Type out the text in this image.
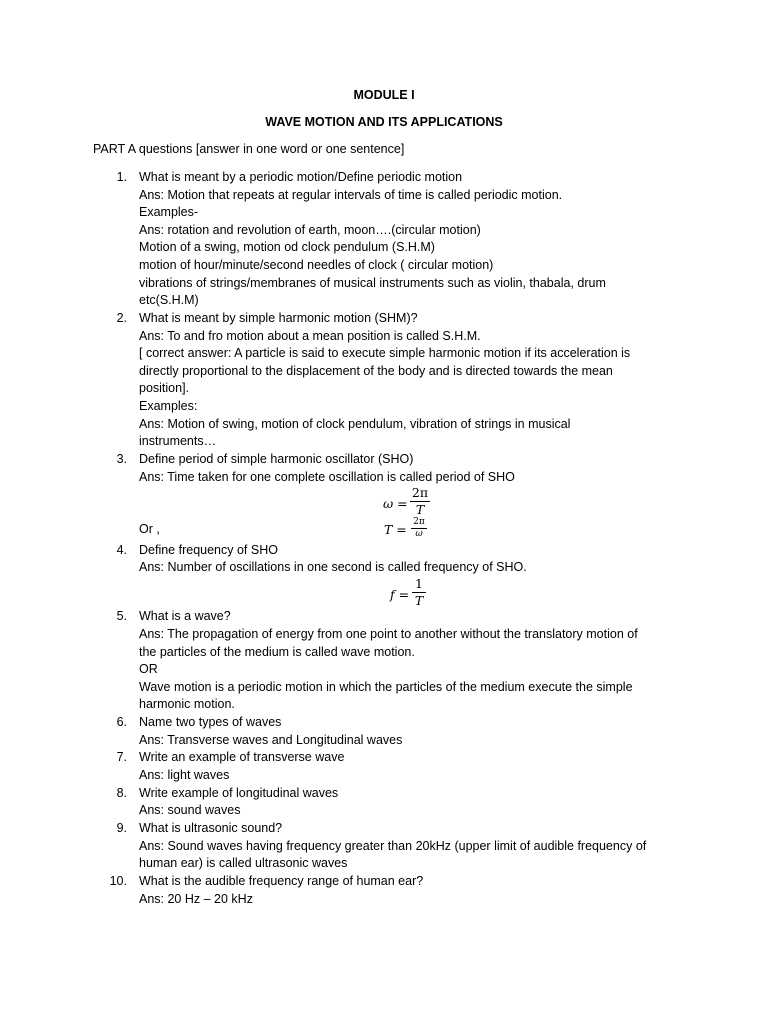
MODULE I
WAVE MOTION AND ITS APPLICATIONS
PART A questions [answer in one word or one sentence]
1. What is meant by a periodic motion/Define periodic motion
Ans: Motion that repeats at regular intervals of time is called periodic motion.
Examples-
Ans: rotation and revolution of earth, moon….(circular motion)
Motion of a swing, motion od clock pendulum (S.H.M)
motion of hour/minute/second needles of clock ( circular motion)
vibrations of strings/membranes of musical instruments such as violin, thabala, drum
etc(S.H.M)
2. What is meant by simple harmonic motion (SHM)?
Ans: To and fro motion about a mean position is called S.H.M.
[ correct answer: A particle is said to execute simple harmonic motion if its acceleration is
directly proportional to the displacement of the body and is directed towards the mean
position].
Examples:
Ans: Motion of swing, motion of clock pendulum, vibration of strings in musical
instruments…
3. Define period of simple harmonic oscillator (SHO)
Ans: Time taken for one complete oscillation is called period of SHO
ω =
2π
T
Or ,	T = 2π
ω
4. Define frequency of SHO
Ans: Number of oscillations in one second is called frequency of SHO.
f =
1
T
5. What is a wave?
Ans: The propagation of energy from one point to another without the translatory motion of
the particles of the medium is called wave motion.
OR
Wave motion is a periodic motion in which the particles of the medium execute the simple
harmonic motion.
6. Name two types of waves
Ans: Transverse waves and Longitudinal waves
7. Write an example of transverse wave
Ans: light waves
8. Write example of longitudinal waves
Ans: sound waves
9. What is ultrasonic sound?
Ans: Sound waves having frequency greater than 20kHz (upper limit of audible frequency of
human ear) is called ultrasonic waves
10. What is the audible frequency range of human ear?
Ans: 20 Hz – 20 kHz
